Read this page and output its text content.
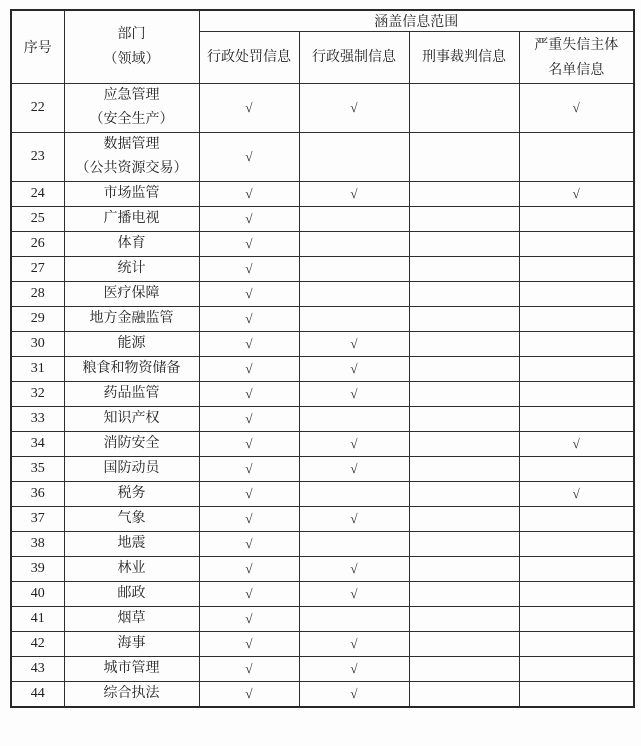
序号	部门
（领域）	涵盖信息范围			

		行政处罚信息	行政强制信息	刑事裁判信息	严重失信主体
名单信息

22	应急管理
（安全生产）	√	√		√
23	数据管理
（公共资源交易）	√			
24	市场监管	√	√		√
25	广播电视	√			
26	体育	√			
27	统计	√			
28	医疗保障	√			
29	地方金融监管	√			
30	能源	√	√		
31	粮食和物资储备	√	√		
32	药品监管	√	√		
33	知识产权	√			
34	消防安全	√	√		√
35	国防动员	√	√		
36	税务	√			√
37	气象	√	√		
38	地震	√			
39	林业	√	√		
40	邮政	√	√		
41	烟草	√			
42	海事	√	√		
43	城市管理	√	√		
44	综合执法	√	√		
